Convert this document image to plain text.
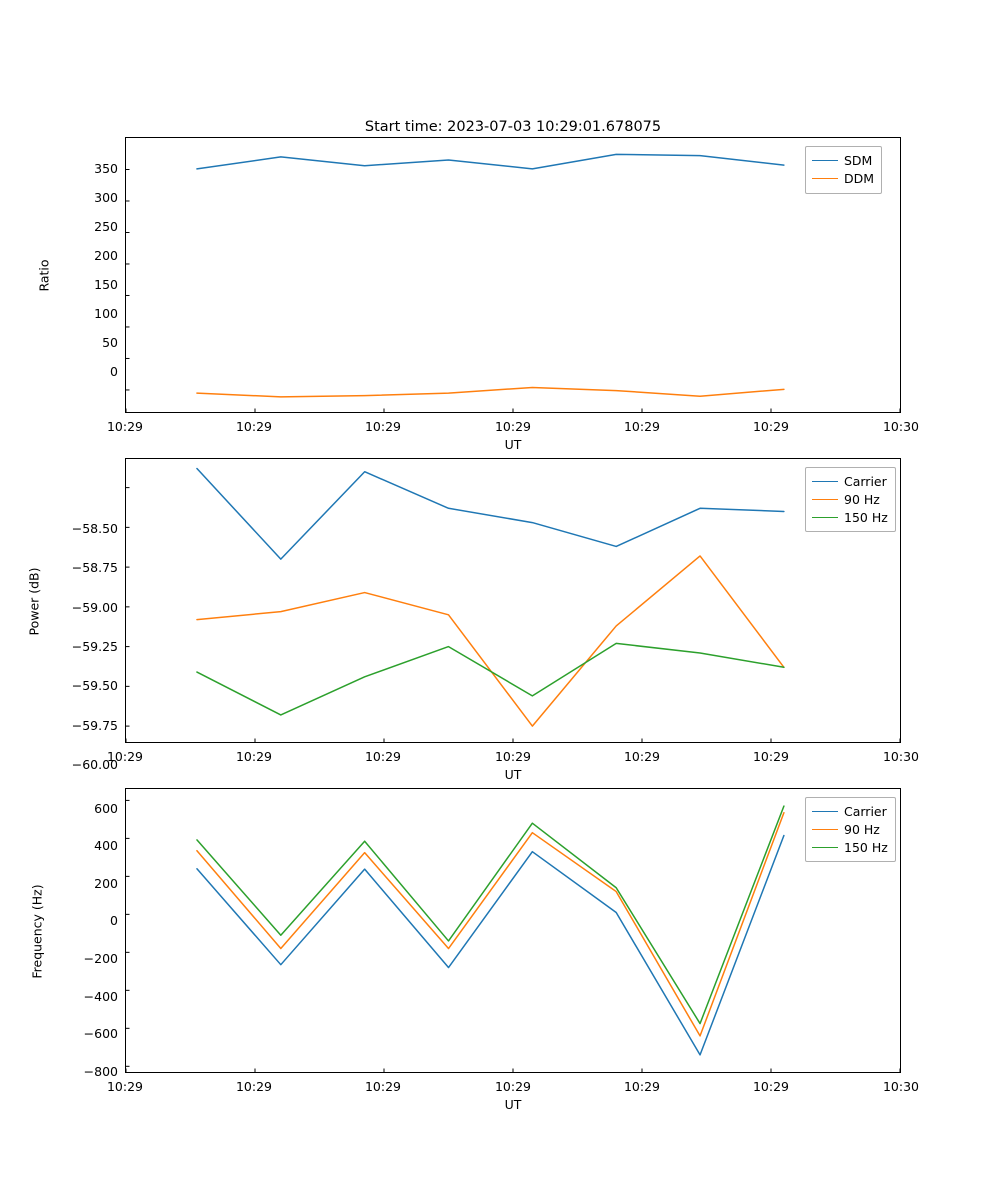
Start time: 2023-07-03 10:29:01.678075
350
300
250
200
150
100
50
0
10:29	10:29	10:29	10:29	10:29	10:29	10:30
UT
Ratio
SDM
DDM
−58.50
−58.75
−59.00
−59.25
−59.50
−59.75
−60.00
10:29	10:29	10:29	10:29	10:29	10:29	10:30
UT
Power (dB)
Carrier
90 Hz
150 Hz
600
400
200
0
−200
−400
−600
−800
10:29	10:29	10:29	10:29	10:29	10:29	10:30
UT
Frequency (Hz)
Carrier
90 Hz
150 Hz
